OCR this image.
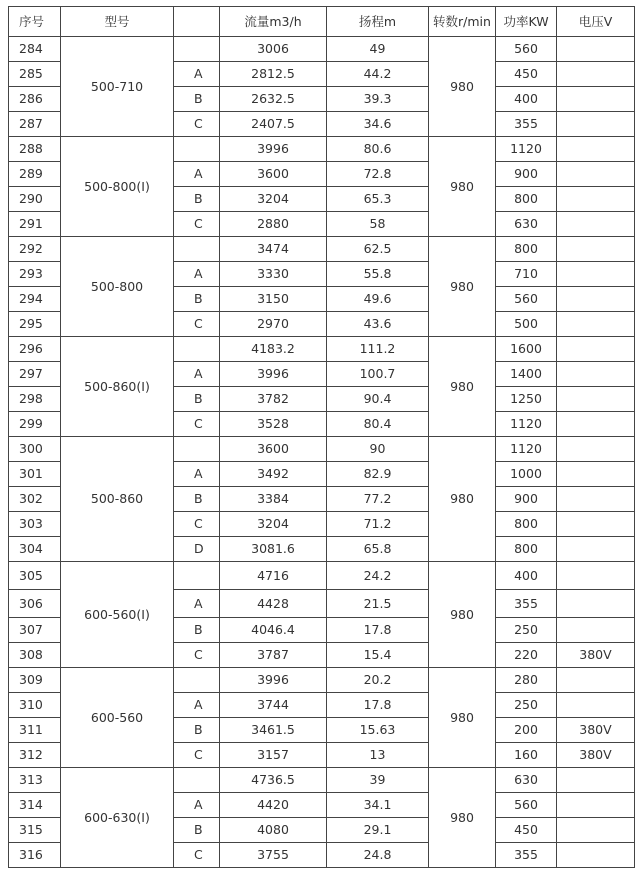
序号	型号		流量m3/h	扬程m	转数r/min	功率KW	电压V
284	500-710		3006	49	980	560	
285		A	2812.5	44.2		450	
286		B	2632.5	39.3		400	
287		C	2407.5	34.6		355	
288	500-800(I)		3996	80.6	980	1120	
289		A	3600	72.8		900	
290		B	3204	65.3		800	
291		C	2880	58		630	
292	500-800		3474	62.5	980	800	
293		A	3330	55.8		710	
294		B	3150	49.6		560	
295		C	2970	43.6		500	
296	500-860(I)		4183.2	111.2	980	1600	
297		A	3996	100.7		1400	
298		B	3782	90.4		1250	
299		C	3528	80.4		1120	
300	500-860		3600	90	980	1120	
301		A	3492	82.9		1000	
302		B	3384	77.2		900	
303		C	3204	71.2		800	
304		D	3081.6	65.8		800	
305	600-560(I)		4716	24.2	980	400	
306		A	4428	21.5		355	
307		B	4046.4	17.8		250	
308		C	3787	15.4		220	380V
309	600-560		3996	20.2	980	280	
310		A	3744	17.8		250	
311		B	3461.5	15.63		200	380V
312		C	3157	13		160	380V
313	600-630(I)		4736.5	39	980	630	
314		A	4420	34.1		560	
315		B	4080	29.1		450	
316		C	3755	24.8		355	
